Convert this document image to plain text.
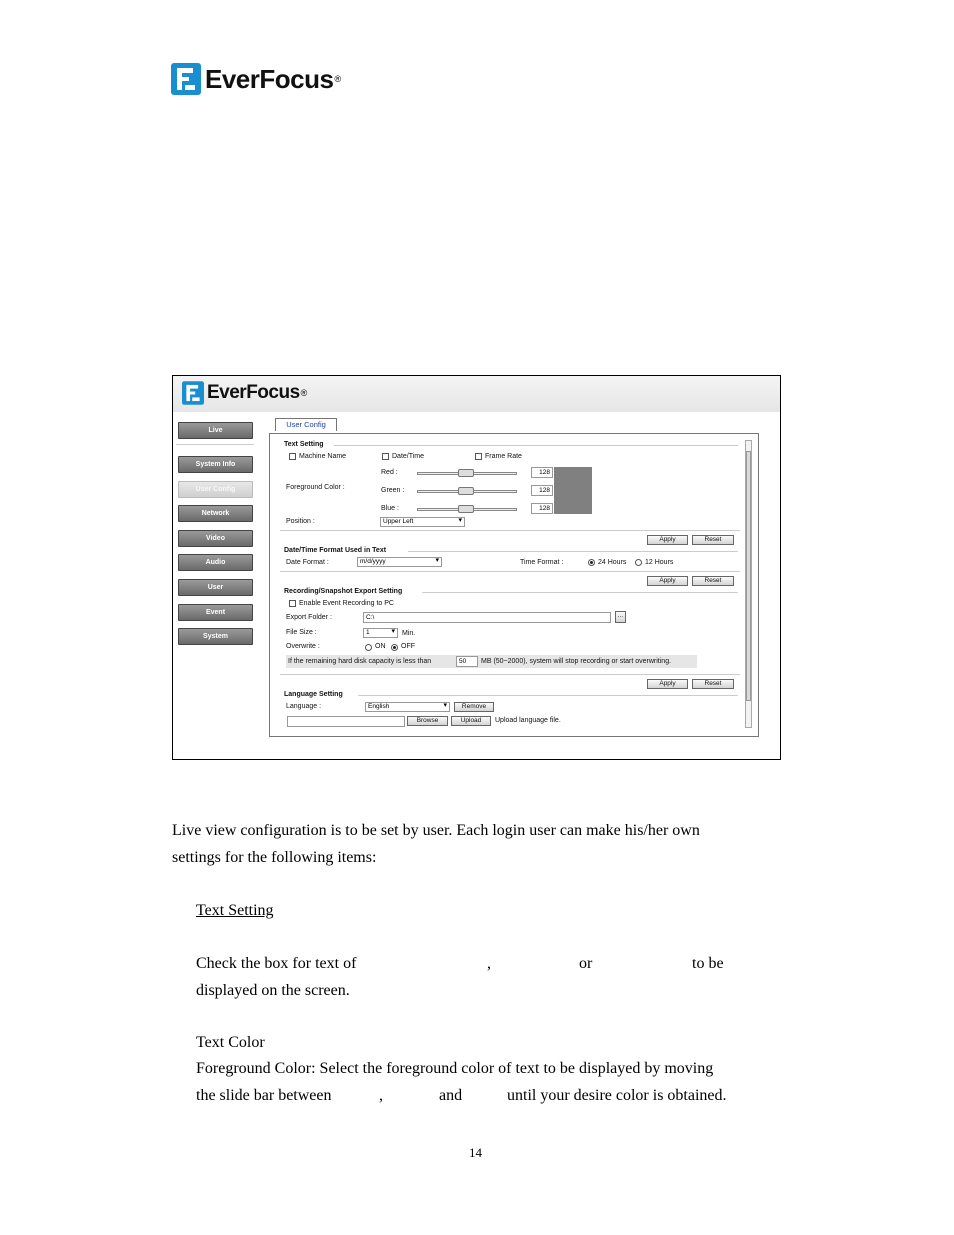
EverFocus ®
EverFocus ®
Live
System Info
User Config
Network
Video
Audio
User
Event
System
User Config
Text Setting
Machine Name	Date/Time	Frame Rate
Red :	128
Foreground Color :	Green :	128
Blue :	128
Position :	Upper Left ▾
Apply	Reset
Date/Time Format Used in Text
Date Format :	m/d/yyyy ▾	Time Format :	24 Hours	12 Hours
Apply	Reset
Recording/Snapshot Export Setting
Enable Event Recording to PC
Export Folder :	C:\	...
File Size :	1 ▾	Min.
Overwrite :	ON OFF
If the remaining hard disk capacity is less than	50	MB (50~2000), system will stop recording or start overwriting.
Apply	Reset
Language Setting
Language :	English ▾	Remove
Browse	Upload	Upload language file.
Live view configuration is to be set by user. Each login user can make his/her own
settings for the following items:
Text Setting
Check the box for text of	,	or	to be
displayed on the screen.
Text Color
Foreground Color: Select the foreground color of text to be displayed by moving
the slide bar between	,	and	until your desire color is obtained.
14
